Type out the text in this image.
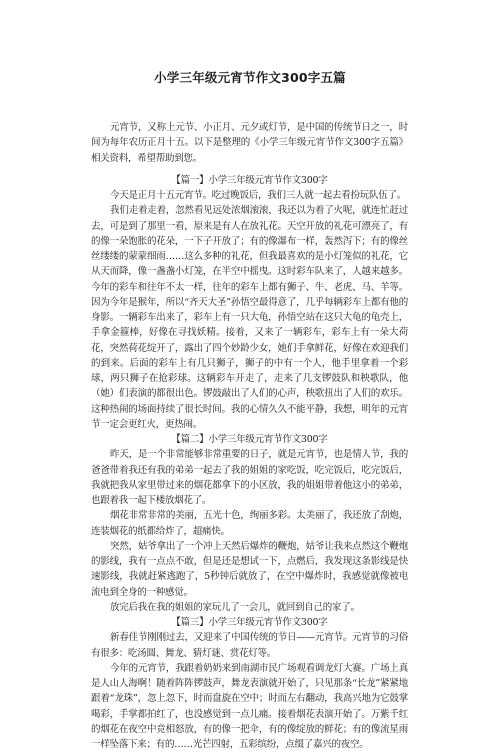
小学三年级元宵节作文300字五篇

元宵节，又称上元节、小正月、元夕或灯节，是中国的传统节日之一，时间为每年农历正月十五。以下是整理的《小学三年级元宵节作文300字五篇》相关资料，希望帮助到您。

【篇一】小学三年级元宵节作文300字

今天是正月十五元宵节。吃过晚饭后，我们三人就一起去看扮玩队伍了。

我们走着走着，忽然看见远处浓烟滚滚，我还以为着了火呢，就连忙赶过去，可是到了那里一看，原来是有人在放礼花。天空开放的礼花可漂亮了，有的像一朵饱胀的花朵，一下子开放了；有的像瀑布一样，轰然泻下；有的像丝丝缕缕的蒙蒙细雨……这么多种的礼花，但我最喜欢的是小灯笼似的礼花，它从天而降，像一盏盏小灯笼，在半空中摇曳。这时彩车队来了，人越来越多。今年的彩车和往年不太一样，往年的彩车上都有狮子、牛、老虎、马、羊等。因为今年是猴年，所以“齐天大圣”孙悟空最得意了，几乎每辆彩车上都有他的身影。一辆彩车出来了，彩车上有一只大龟，孙悟空站在这只大龟的龟壳上，手拿金箍棒，好像在寻找妖精。接着，又来了一辆彩车，彩车上有一朵大荷花，突然荷花绽开了，露出了四个妙龄少女，她们手拿鲜花，好像在欢迎我们的到来。后面的彩车上有几只狮子，狮子的中有一个人，他手里拿着一个彩球，两只狮子在抢彩球。这辆彩车开走了，走来了几支锣鼓队和秧歌队，他（她）们表演的都很出色。锣鼓敲出了人们的心声，秧歌扭出了人们的欢乐。这种热闹的场面持续了很长时间。我的心情久久不能平静，我想，明年的元宵节一定会更红火，更热闹。

【篇二】小学三年级元宵节作文300字

昨天，是一个非常能够非常重要的日子，就是元宵节，也是情人节，我的爸爸带着我还有我的弟弟一起去了我的姐姐的家吃饭，吃完饭后，吃完饭后，我就把我从家里带过来的烟花都拿下的小区放，我的姐姐带着他这小的弟弟，也跟着我一起下楼放烟花了。

烟花非常非常的美丽，五光十色，绚丽多彩。太美丽了，我还放了刮炮，连装烟花的纸都给炸了，超痛快。

突然，姑爷拿出了一个冲上天然后爆炸的鞭炮，姑爷让我来点然这个鞭炮的影线，我有一点点不敢，但是还是想试一下，点燃后，我发现这条影线是快速影线，我就赶紧逃跑了，5秒钟后就放了，在空中爆炸时，我感觉就像被电流电到全身的一种感觉。

放完后我在我的姐姐的家玩儿了一会儿，就回到自己的家了。

【篇三】小学三年级元宵节作文300字

新春佳节刚刚过去，又迎来了中国传统的节日——元宵节。元宵节的习俗有很多：吃汤圆、舞龙、猜灯谜、赏花灯等。

今年的元宵节，我跟着奶奶来到南湖市民广场观看调龙灯大赛。广场上真是人山人海啊！随着阵阵锣鼓声，舞龙表演就开始了，只见那条“长龙”紧紧地跟着“龙珠”，忽上忽下，时而盘旋在空中；时而左右翻动，我高兴地为它鼓掌喝彩，手掌都拍红了，也没感觉到一点儿痛。接着烟花表演开始了。万紫千红的烟花在夜空中竞相怒放，有的像一把伞，有的像绽放的鲜花；有的像流星雨一样坠落下来；有的……光芒四射，五彩缤纷，点缀了嘉兴的夜空。
